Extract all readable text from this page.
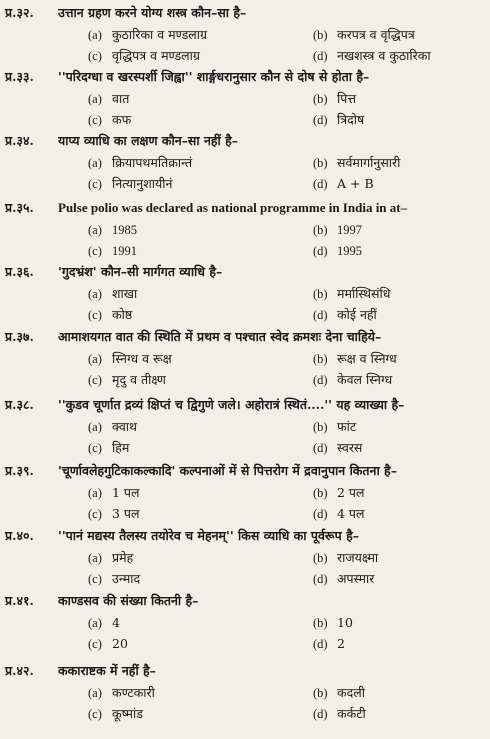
प्र.३२. उत्तान ग्रहण करने योग्य शस्त्र कौन–सा है–
(a) कुठारिका व मण्डलाग्र	(b) करपत्र व वृद्धिपत्र
(c) वृद्धिपत्र व मण्डलाग्र	(d) नखशस्त्र व कुठारिका
प्र.३३. ''परिदग्धा व खरस्पर्शी जिह्वा'' शार्ङ्गधरानुसार कौन से दोष से होता है–
(a) वात	(b) पित्त
(c) कफ	(d) त्रिदोष
प्र.३४. याप्य व्याधि का लक्षण कौन–सा नहीं है–
(a) क्रियापथमतिक्रान्तं	(b) सर्वमार्गानुसारी
(c) नित्यानुशायीनं	(d) A + B
प्र.३५. Pulse polio was declared as national programme in India in at–
(a) 1985	(b) 1997
(c) 1991	(d) 1995
प्र.३६. 'गुदभ्रंश' कौन–सी मार्गगत व्याधि है–
(a) शाखा	(b) मर्मास्थिसंधि
(c) कोष्ठ	(d) कोई नहीं
प्र.३७. आमाशयगत वात की स्थिति में प्रथम व पश्चात स्वेद क्रमशः देना चाहिये–
(a) स्निग्ध व रूक्ष	(b) रूक्ष व स्निग्ध
(c) मृदु व तीक्ष्ण	(d) केवल स्निग्ध
प्र.३८. ''कुडव चूर्णात द्रव्यं क्षिप्तं च द्विगुणे जले। अहोरात्रं स्थितं....'' यह व्याख्या है–
(a) क्वाथ	(b) फांट
(c) हिम	(d) स्वरस
प्र.३९. 'चूर्णावलेहगुटिकाकल्कादि' कल्पनाओं में से पित्तरोग में द्रवानुपान कितना है–
(a) 1 पल	(b) 2 पल
(c) 3 पल	(d) 4 पल
प्र.४०. ''पानं मद्यस्य तैलस्य तयोरेव च मेहनम्'' किस व्याधि का पूर्वरूप है–
(a) प्रमेह	(b) राजयक्ष्मा
(c) उन्माद	(d) अपस्मार
प्र.४१. काण्डसव की संख्या कितनी है–
(a) 4	(b) 10
(c) 20	(d) 2
प्र.४२. ककाराष्टक में नहीं है–
(a) कण्टकारी	(b) कदली
(c) कूष्मांड	(d) कर्कटी
